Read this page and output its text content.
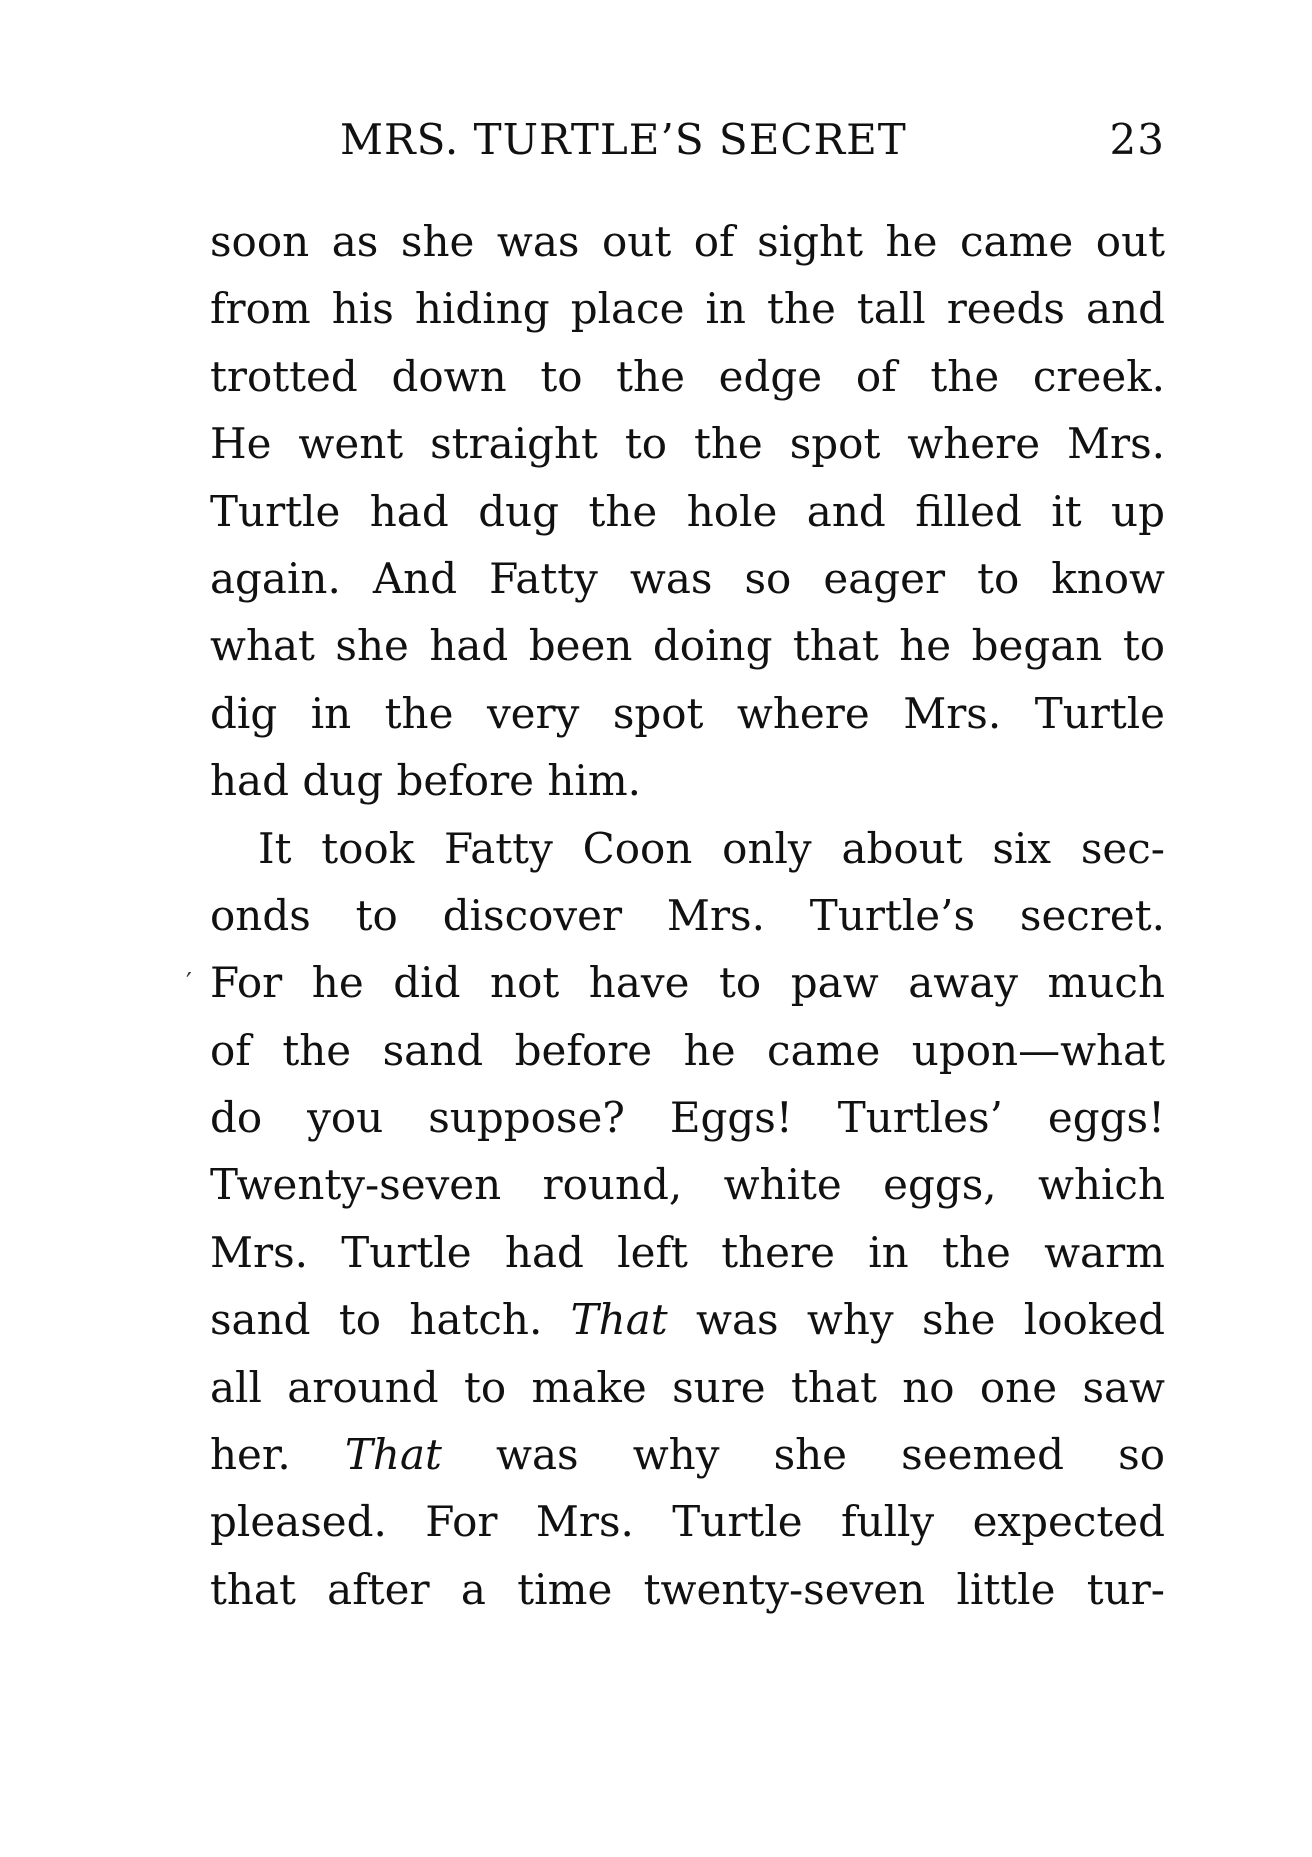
MRS. TURTLE’S SECRET	23
soon as she was out of sight he came out
from his hiding place in the tall reeds and
trotted down to the edge of the creek.
He went straight to the spot where Mrs.
Turtle had dug the hole and filled it up
again. And Fatty was so eager to know
what she had been doing that he began to
dig in the very spot where Mrs. Turtle
had dug before him.
It took Fatty Coon only about six sec-
onds to discover Mrs. Turtle’s secret.
For he did not have to paw away much
of the sand before he came upon—what
do you suppose? Eggs! Turtles’ eggs!
Twenty-seven round, white eggs, which
Mrs. Turtle had left there in the warm
sand to hatch. That was why she looked
all around to make sure that no one saw
her. That was why she seemed so
pleased. For Mrs. Turtle fully expected
that after a time twenty-seven little tur-
′
